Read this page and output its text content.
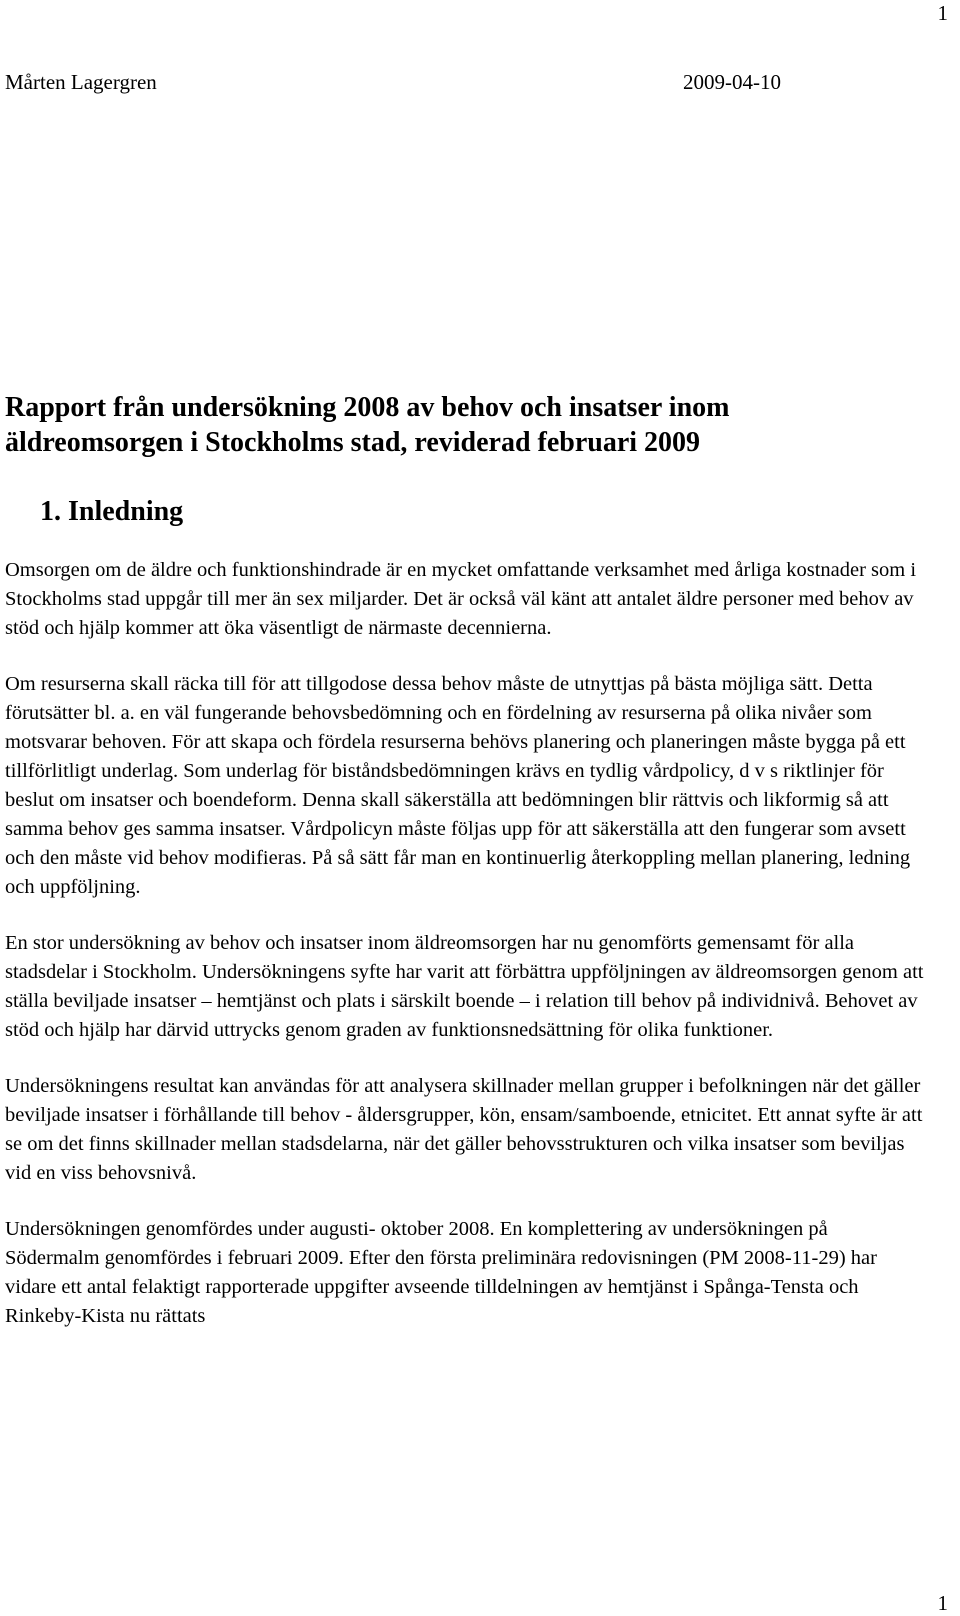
1
Mårten Lagergren	2009-04-10
Rapport från undersökning 2008 av behov och insatser inom
äldreomsorgen i Stockholms stad, reviderad februari 2009
1. Inledning

Omsorgen om de äldre och funktionshindrade är en mycket omfattande verksamhet med årliga kostnader som i Stockholms stad uppgår till mer än sex miljarder. Det är också väl känt att antalet äldre personer med behov av stöd och hjälp kommer att öka väsentligt de närmaste decennierna.

Om resurserna skall räcka till för att tillgodose dessa behov måste de utnyttjas på bästa möjliga sätt. Detta förutsätter bl. a. en väl fungerande behovsbedömning och en fördelning av resurserna på olika nivåer som motsvarar behoven. För att skapa och fördela resurserna behövs planering och planeringen måste bygga på ett tillförlitligt underlag. Som underlag för biståndsbedömningen krävs en tydlig vårdpolicy, d v s riktlinjer för beslut om insatser och boendeform. Denna skall säkerställa att bedömningen blir rättvis och likformig så att samma behov ges samma insatser. Vårdpolicyn måste följas upp för att säkerställa att den fungerar som avsett och den måste vid behov modifieras. På så sätt får man en kontinuerlig återkoppling mellan planering, ledning och uppföljning.

En stor undersökning av behov och insatser inom äldreomsorgen har nu genomförts gemensamt för alla stadsdelar i Stockholm. Undersökningens syfte har varit att förbättra uppföljningen av äldreomsorgen genom att ställa beviljade insatser – hemtjänst och plats i särskilt boende – i relation till behov på individnivå. Behovet av stöd och hjälp har därvid uttrycks genom graden av funktionsnedsättning för olika funktioner.

Undersökningens resultat kan användas för att analysera skillnader mellan grupper i befolkningen när det gäller beviljade insatser i förhållande till behov - åldersgrupper, kön, ensam/samboende, etnicitet. Ett annat syfte är att se om det finns skillnader mellan stadsdelarna, när det gäller behovsstrukturen och vilka insatser som beviljas vid en viss behovsnivå.

Undersökningen genomfördes under augusti- oktober 2008. En komplettering av undersökningen på Södermalm genomfördes i februari 2009. Efter den första preliminära redovisningen (PM 2008-11-29) har vidare ett antal felaktigt rapporterade uppgifter avseende tilldelningen av hemtjänst i Spånga-Tensta och Rinkeby-Kista nu rättats

1
